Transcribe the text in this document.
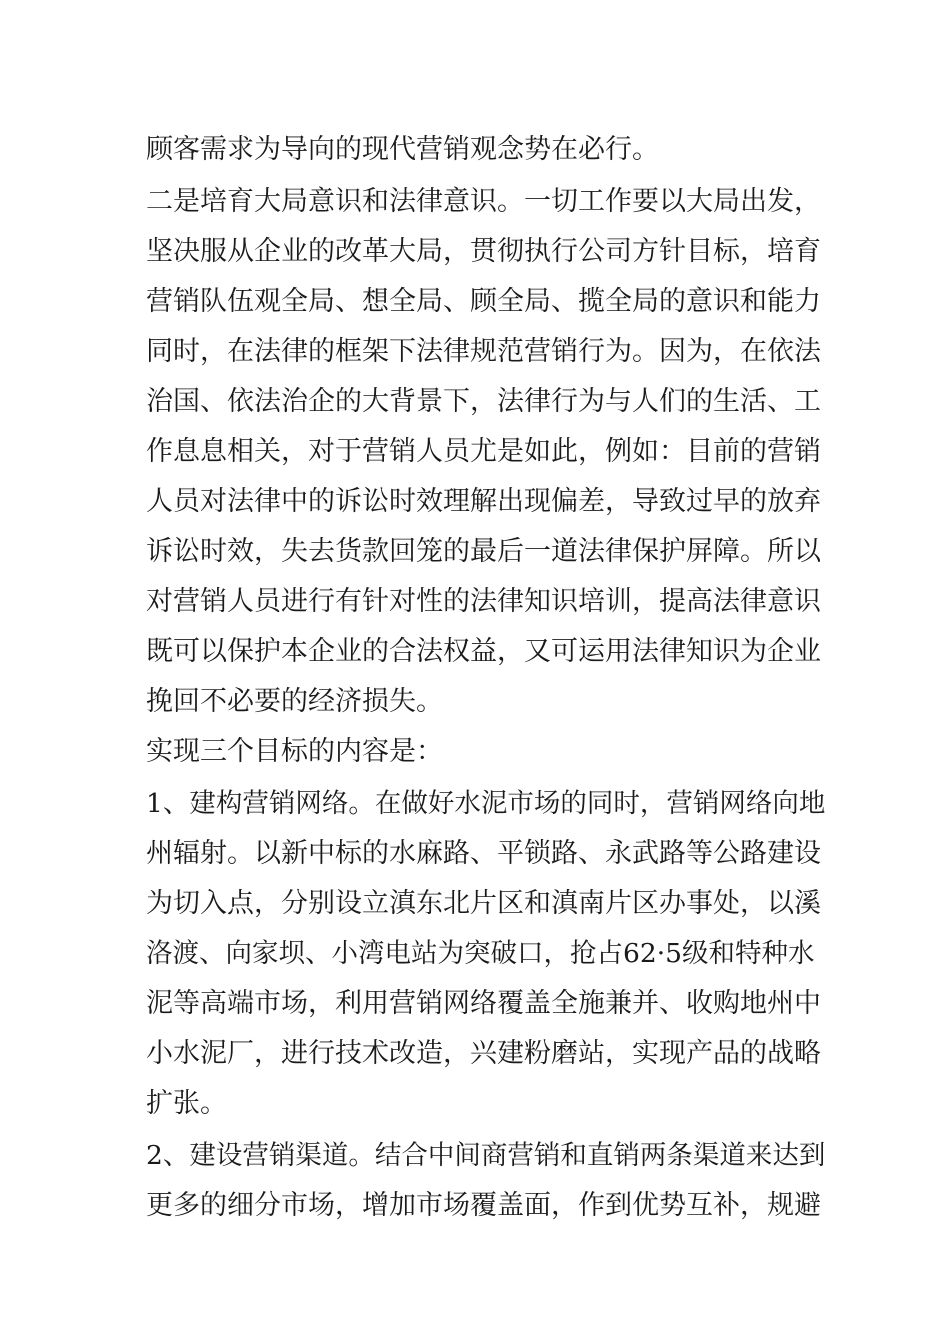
顾客需求为导向的现代营销观念势在必行。
二是培育大局意识和法律意识。一切工作要以大局出发，
坚决服从企业的改革大局，贯彻执行公司方针目标，培育
营销队伍观全局、想全局、顾全局、揽全局的意识和能力
同时，在法律的框架下法律规范营销行为。因为，在依法
治国、依法治企的大背景下，法律行为与人们的生活、工
作息息相关，对于营销人员尤是如此，例如：目前的营销
人员对法律中的诉讼时效理解出现偏差，导致过早的放弃
诉讼时效，失去货款回笼的最后一道法律保护屏障。所以
对营销人员进行有针对性的法律知识培训，提高法律意识
既可以保护本企业的合法权益，又可运用法律知识为企业
挽回不必要的经济损失。
实现三个目标的内容是：
1、建构营销网络。在做好水泥市场的同时，营销网络向地
州辐射。以新中标的水麻路、平锁路、永武路等公路建设
为切入点，分别设立滇东北片区和滇南片区办事处，以溪
洛渡、向家坝、小湾电站为突破口，抢占62·5级和特种水
泥等高端市场，利用营销网络覆盖全施兼并、收购地州中
小水泥厂，进行技术改造，兴建粉磨站，实现产品的战略
扩张。
2、建设营销渠道。结合中间商营销和直销两条渠道来达到
更多的细分市场，增加市场覆盖面，作到优势互补，规避
